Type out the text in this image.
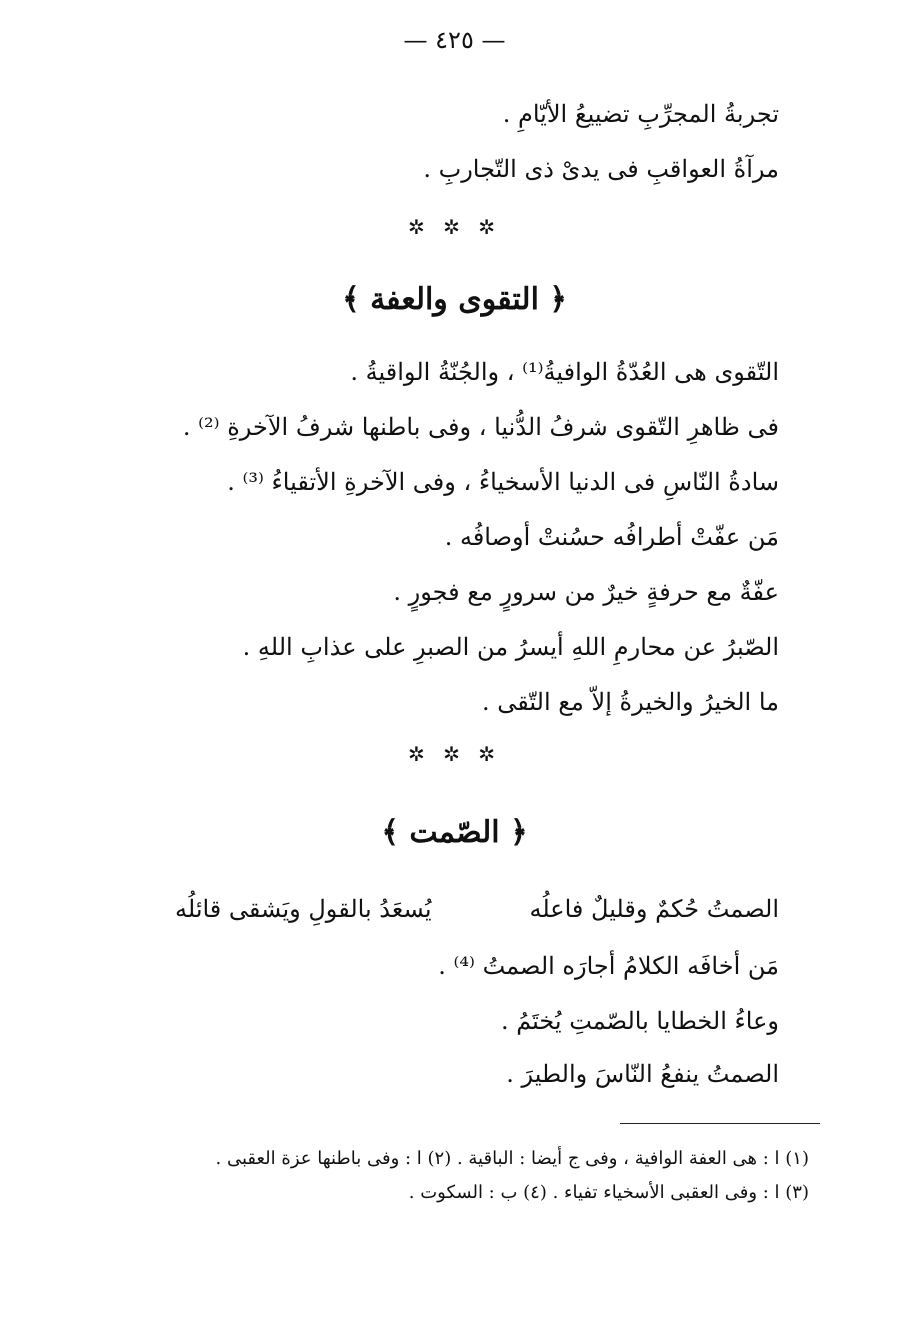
— ٤٢٥ —
تجربةُ المجرِّبِ تضييعُ الأيّامِ .
مرآةُ العواقبِ فى يدىْ ذى التّجاربِ .
✲ ✲ ✲
﴿ التقوى والعفة ﴾
التّقوى هى العُدّةُ الوافيةُ⁽¹⁾ ، والجُنّةُ الواقيةُ .
فى ظاهرِ التّقوى شرفُ الدُّنيا ، وفى باطنها شرفُ الآخرةِ ⁽²⁾ .
سادةُ النّاسِ فى الدنيا الأسخياءُ ، وفى الآخرةِ الأتقياءُ ⁽³⁾ .
مَن عفّتْ أطرافُه حسُنتْ أوصافُه .
عفّةٌ مع حرفةٍ خيرٌ من سرورٍ مع فجورٍ .
الصّبرُ عن محارمِ اللهِ أيسرُ من الصبرِ على عذابِ اللهِ .
ما الخيرُ والخيرةُ إلاّ مع التّقى .
✲ ✲ ✲
﴿ الصّمت ﴾
الصمتُ حُكمٌ وقليلٌ فاعلُه
يُسعَدُ بالقولِ ويَشقى قائلُه
مَن أخافَه الكلامُ أجارَه الصمتُ ⁽⁴⁾ .
وعاءُ الخطايا بالصّمتِ يُختَمُ .
الصمتُ ينفعُ النّاسَ والطيرَ .
(١) ا : هى العفة الوافية ، وفى ج أيضا : الباقية . (٢) ا : وفى باطنها عزة العقبى .
(٣) ا : وفى العقبى الأسخياء تفياء . (٤) ب : السكوت .
